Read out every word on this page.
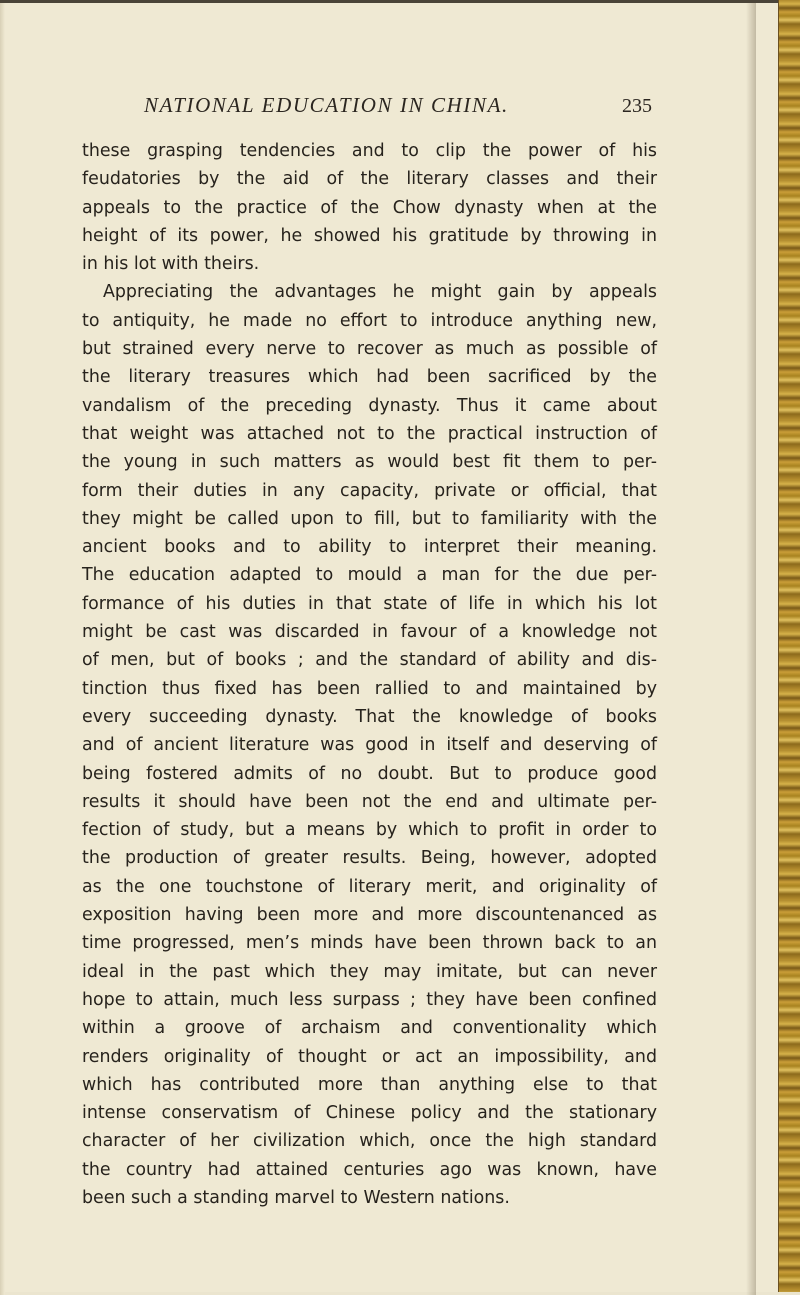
NATIONAL EDUCATION IN CHINA.	235
these grasping tendencies and to clip the power of his
feudatories by the aid of the literary classes and their
appeals to the practice of the Chow dynasty when at the
height of its power, he showed his gratitude by throwing in
in his lot with theirs.
Appreciating the advantages he might gain by appeals
to antiquity, he made no effort to introduce anything new,
but strained every nerve to recover as much as possible of
the literary treasures which had been sacrificed by the
vandalism of the preceding dynasty. Thus it came about
that weight was attached not to the practical instruction of
the young in such matters as would best fit them to per-
form their duties in any capacity, private or official, that
they might be called upon to fill, but to familiarity with the
ancient books and to ability to interpret their meaning.
The education adapted to mould a man for the due per-
formance of his duties in that state of life in which his lot
might be cast was discarded in favour of a knowledge not
of men, but of books ; and the standard of ability and dis-
tinction thus fixed has been rallied to and maintained by
every succeeding dynasty. That the knowledge of books
and of ancient literature was good in itself and deserving of
being fostered admits of no doubt. But to produce good
results it should have been not the end and ultimate per-
fection of study, but a means by which to profit in order to
the production of greater results. Being, however, adopted
as the one touchstone of literary merit, and originality of
exposition having been more and more discountenanced as
time progressed, men’s minds have been thrown back to an
ideal in the past which they may imitate, but can never
hope to attain, much less surpass ; they have been confined
within a groove of archaism and conventionality which
renders originality of thought or act an impossibility, and
which has contributed more than anything else to that
intense conservatism of Chinese policy and the stationary
character of her civilization which, once the high standard
the country had attained centuries ago was known, have
been such a standing marvel to Western nations.
